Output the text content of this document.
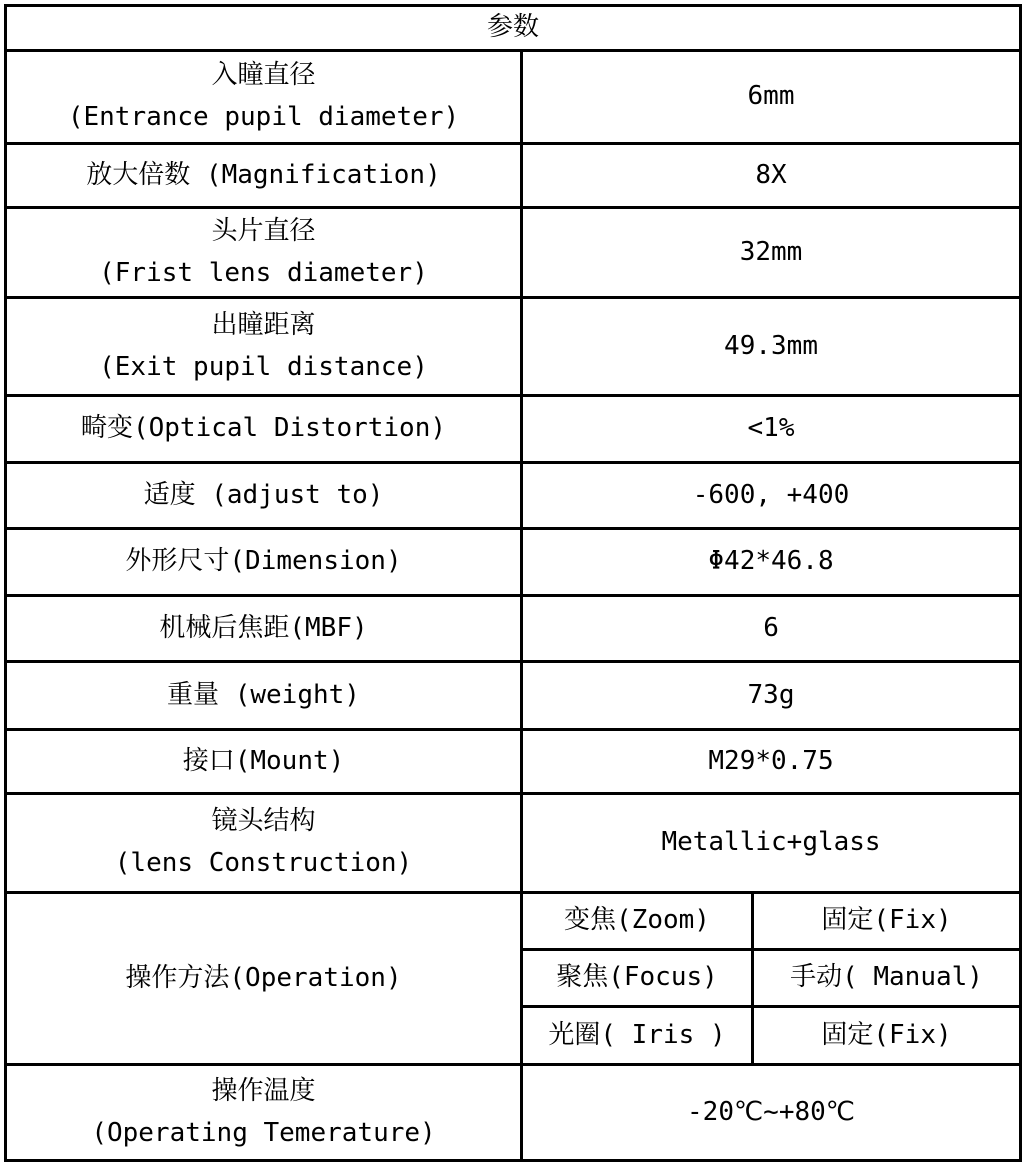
参数		

入瞳直径
(Entrance pupil diameter)	6mm	
放大倍数 (Magnification)	8X	

头片直径
(Frist lens diameter)	32mm	

出瞳距离
(Exit pupil distance)	49.3mm	
畸变(Optical Distortion)	<1%	
适度 (adjust to)	-600, +400	
外形尺寸(Dimension)	Φ42*46.8	
机械后焦距(MBF)	6	
重量 (weight)	73g	
接口(Mount)	M29*0.75	

镜头结构
(lens Construction)	Metallic+glass	
操作方法(Operation)	变焦(Zoom)	固定(Fix)
	聚焦(Focus)	手动( Manual)
	光圈( Iris )	固定(Fix)

操作温度
(Operating Temerature)	-20℃~+80℃	
